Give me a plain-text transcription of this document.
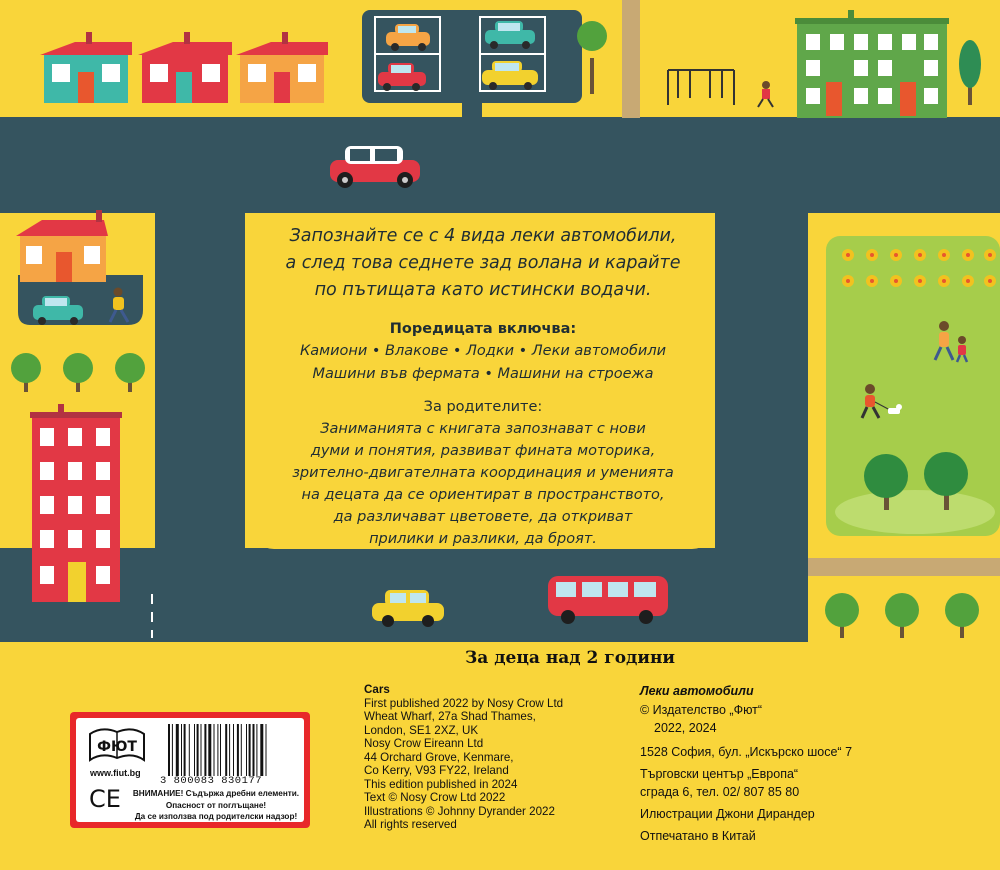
Запознайте се с 4 вида леки автомобили,
а след това седнете зад волана и карайте
по пътищата като истински водачи.
Поредицата включва:
Камиони • Влакове • Лодки • Леки автомобили
Машини във фермата • Машини на строежа
За родителите:
Заниманията с книгата запознават с нови
думи и понятия, развиват фината моторика,
зрително-двигателната координация и уменията
на децата да се ориентират в пространството,
да различават цветовете, да откриват
прилики и разлики, да броят.
За деца над 2 години
Cars
First published 2022 by Nosy Crow Ltd
Wheat Wharf, 27a Shad Thames,
London, SE1 2XZ, UK
Nosy Crow Eireann Ltd
44 Orchard Grove, Kenmare,
Co Kerry, V93 FY22, Ireland
This edition published in 2024
Text © Nosy Crow Ltd 2022
Illustrations © Johnny Dyrander 2022
All rights reserved
Леки автомобили
© Издателство „Фют“
2022, 2024
1528 София, бул. „Искърско шосе“ 7
Търговски център „Европа“
сграда 6, тел. 02/ 807 85 80
Илюстрации Джони Дирандер
Отпечатано в Китай
ФЮТ
www.fiut.bg
3 800083 830177
CE	ВНИМАНИЕ! Съдържа дребни елементи.
Опасност от поглъщане!
Да се използва под родителски надзор!
